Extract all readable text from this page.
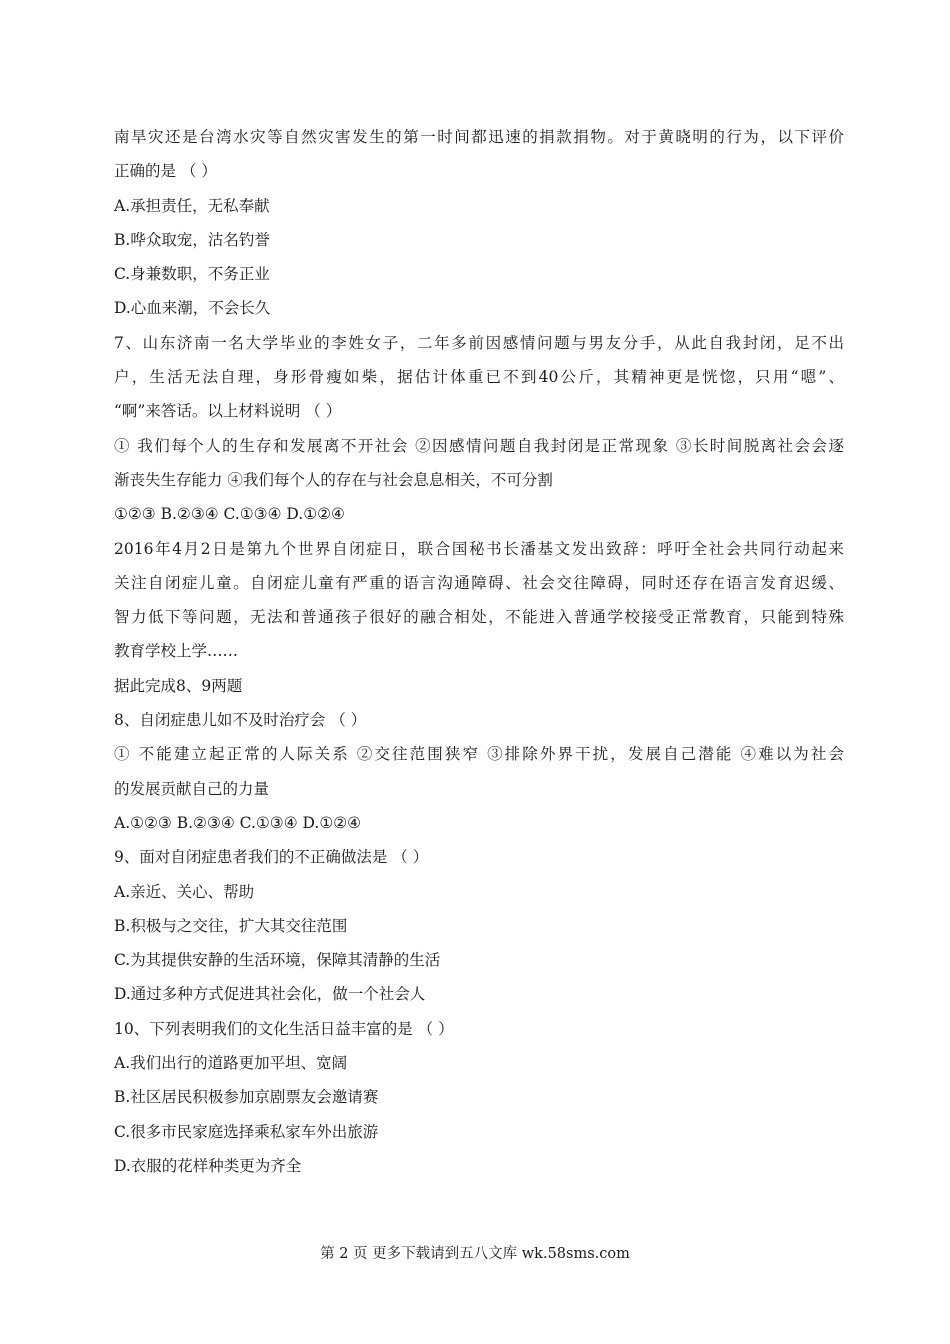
南旱灾还是台湾水灾等自然灾害发生的第一时间都迅速的捐款捐物。对于黄晓明的行为，以下评价
正确的是 （ ）
A.承担责任，无私奉献
B.哗众取宠，沽名钓誉
C.身兼数职，不务正业
D.心血来潮，不会长久
7、山东济南一名大学毕业的李姓女子，二年多前因感情问题与男友分手，从此自我封闭，足不出
户，生活无法自理，身形骨瘦如柴，据估计体重已不到40公斤，其精神更是恍惚，只用“嗯”、
“啊”来答话。以上材料说明 （ ）
① 我们每个人的生存和发展离不开社会 ②因感情问题自我封闭是正常现象 ③长时间脱离社会会逐
渐丧失生存能力 ④我们每个人的存在与社会息息相关，不可分割
①②③ B.②③④ C.①③④ D.①②④
2016年4月2日是第九个世界自闭症日，联合国秘书长潘基文发出致辞：呼吁全社会共同行动起来
关注自闭症儿童。自闭症儿童有严重的语言沟通障碍、社会交往障碍，同时还存在语言发育迟缓、
智力低下等问题，无法和普通孩子很好的融合相处，不能进入普通学校接受正常教育，只能到特殊
教育学校上学……
据此完成8、9两题
8、自闭症患儿如不及时治疗会 （ ）
① 不能建立起正常的人际关系 ②交往范围狭窄 ③排除外界干扰，发展自己潜能 ④难以为社会
的发展贡献自己的力量
A.①②③ B.②③④ C.①③④ D.①②④
9、面对自闭症患者我们的不正确做法是 （ ）
A.亲近、关心、帮助
B.积极与之交往，扩大其交往范围
C.为其提供安静的生活环境，保障其清静的生活
D.通过多种方式促进其社会化，做一个社会人
10、下列表明我们的文化生活日益丰富的是 （ ）
A.我们出行的道路更加平坦、宽阔
B.社区居民积极参加京剧票友会邀请赛
C.很多市民家庭选择乘私家车外出旅游
D.衣服的花样种类更为齐全
第 2 页 更多下载请到五八文库 wk.58sms.com
